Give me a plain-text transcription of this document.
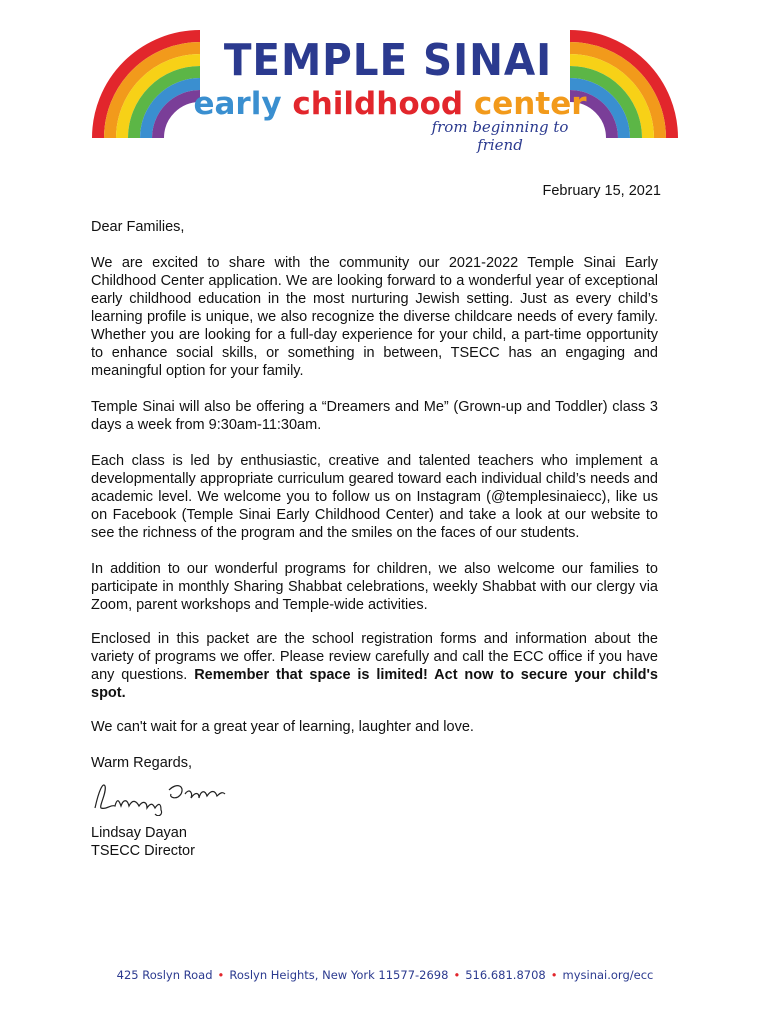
TEMPLE SINAI
early childhood center
from beginning to friend
February 15, 2021
Dear Families,

We are excited to share with the community our 2021-2022 Temple Sinai Early Childhood Center application. We are looking forward to a wonderful year of exceptional early childhood education in the most nurturing Jewish setting. Just as every child’s learning profile is unique, we also recognize the diverse childcare needs of every family. Whether you are looking for a full-day experience for your child, a part-time opportunity to enhance social skills, or something in between, TSECC has an engaging and meaningful option for your family.

Temple Sinai will also be offering a “Dreamers and Me” (Grown-up and Toddler) class 3 days a week from 9:30am-11:30am.

Each class is led by enthusiastic, creative and talented teachers who implement a developmentally appropriate curriculum geared toward each individual child’s needs and academic level. We welcome you to follow us on Instagram (@templesinaiecc), like us on Facebook (Temple Sinai Early Childhood Center) and take a look at our website to see the richness of the program and the smiles on the faces of our students.

In addition to our wonderful programs for children, we also welcome our families to participate in monthly Sharing Shabbat celebrations, weekly Shabbat with our clergy via Zoom, parent workshops and Temple-wide activities.

Enclosed in this packet are the school registration forms and information about the variety of programs we offer. Please review carefully and call the ECC office if you have any questions. Remember that space is limited! Act now to secure your child's spot.

We can't wait for a great year of learning, laughter and love.

Warm Regards,
Lindsay Dayan
TSECC Director
425 Roslyn Road • Roslyn Heights, New York 11577-2698 • 516.681.8708 • mysinai.org/ecc
